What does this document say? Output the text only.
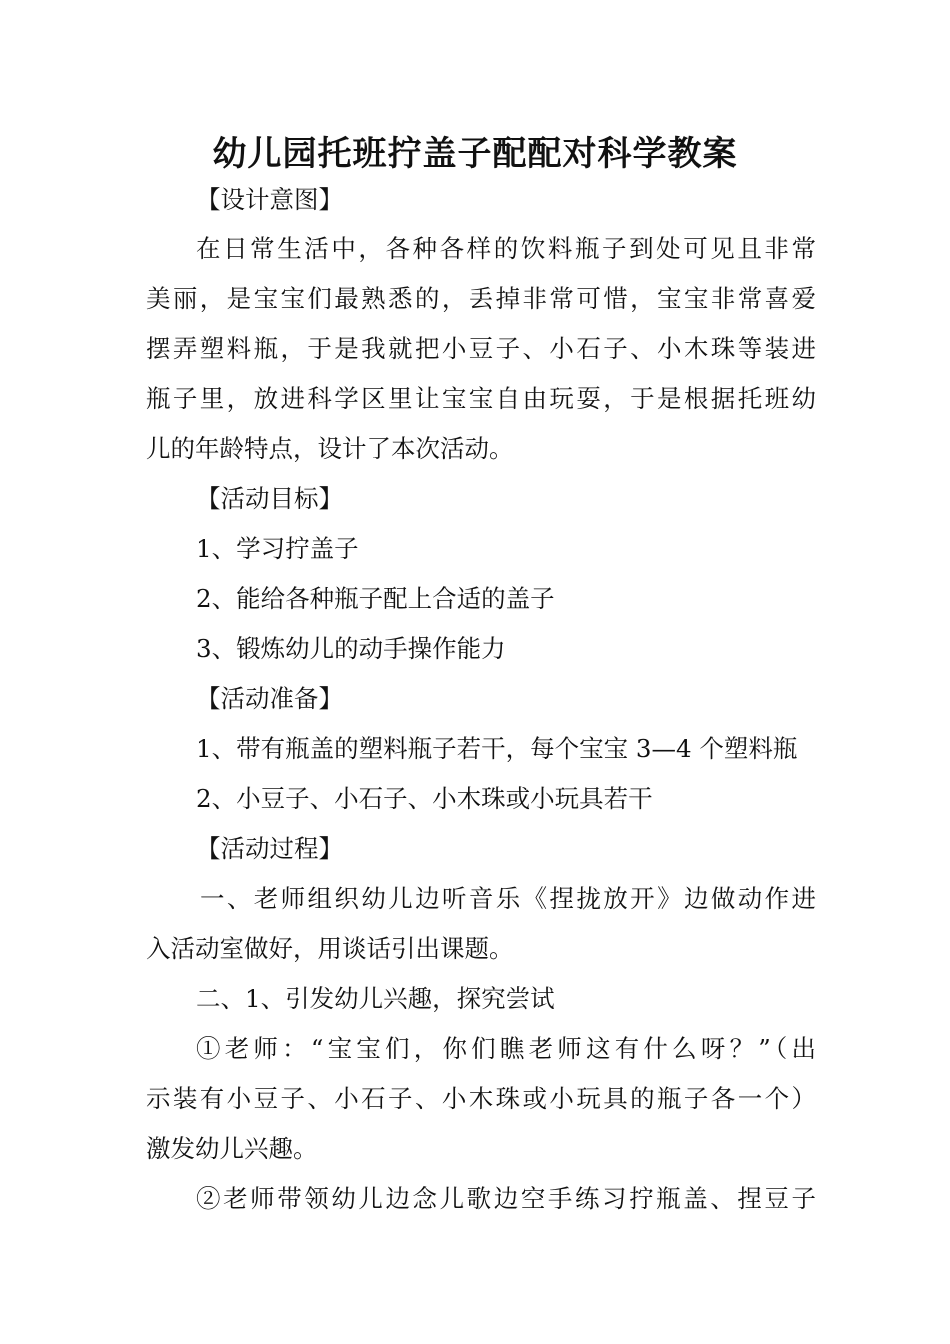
幼儿园托班拧盖子配配对科学教案
【设计意图】
在日常生活中，各种各样的饮料瓶子到处可见且非常
美丽，是宝宝们最熟悉的，丢掉非常可惜，宝宝非常喜爱
摆弄塑料瓶，于是我就把小豆子、小石子、小木珠等装进
瓶子里，放进科学区里让宝宝自由玩耍，于是根据托班幼
儿的年龄特点，设计了本次活动。
【活动目标】
1、学习拧盖子
2、能给各种瓶子配上合适的盖子
3、锻炼幼儿的动手操作能力
【活动准备】
1、带有瓶盖的塑料瓶子若干，每个宝宝 3—4 个塑料瓶
2、小豆子、小石子、小木珠或小玩具若干
【活动过程】
一、老师组织幼儿边听音乐《捏拢放开》边做动作进
入活动室做好，用谈话引出课题。
二、1、引发幼儿兴趣，探究尝试
①老师：“宝宝们，你们瞧老师这有什么呀？”（出
示装有小豆子、小石子、小木珠或小玩具的瓶子各一个）
激发幼儿兴趣。
②老师带领幼儿边念儿歌边空手练习拧瓶盖、捏豆子
